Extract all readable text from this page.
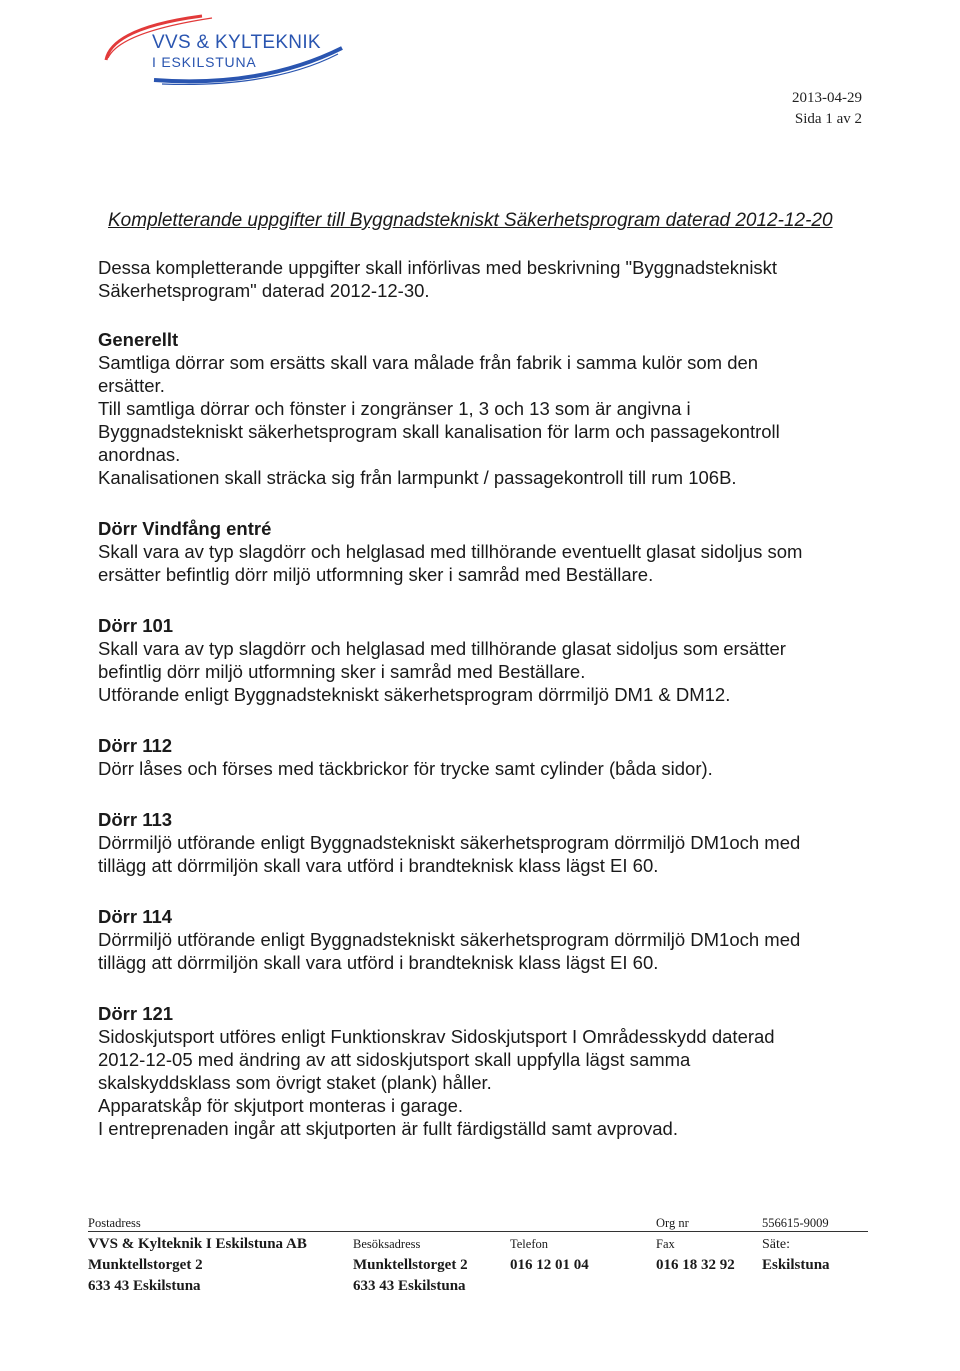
VVS & KYLTEKNIK
I ESKILSTUNA
2013-04-29
Sida 1 av 2
Kompletterande uppgifter till Byggnadstekniskt Säkerhetsprogram daterad 2012-12-20
Dessa kompletterande uppgifter skall införlivas med beskrivning "Byggnadstekniskt
Säkerhetsprogram" daterad 2012-12-30.
Generellt
Samtliga dörrar som ersätts skall vara målade från fabrik i samma kulör som den
ersätter.
Till samtliga dörrar och fönster i zongränser 1, 3 och 13 som är angivna i
Byggnadstekniskt säkerhetsprogram skall kanalisation för larm och passagekontroll
anordnas.
Kanalisationen skall sträcka sig från larmpunkt / passagekontroll till rum 106B.
Dörr Vindfång entré
Skall vara av typ slagdörr och helglasad med tillhörande eventuellt glasat sidoljus som
ersätter befintlig dörr miljö utformning sker i samråd med Beställare.
Dörr 101
Skall vara av typ slagdörr och helglasad med tillhörande glasat sidoljus som ersätter
befintlig dörr miljö utformning sker i samråd med Beställare.
Utförande enligt Byggnadstekniskt säkerhetsprogram dörrmiljö DM1 & DM12.
Dörr 112
Dörr låses och förses med täckbrickor för trycke samt cylinder (båda sidor).
Dörr 113
Dörrmiljö utförande enligt Byggnadstekniskt säkerhetsprogram dörrmiljö DM1och med
tillägg att dörrmiljön skall vara utförd i brandteknisk klass lägst EI 60.
Dörr 114
Dörrmiljö utförande enligt Byggnadstekniskt säkerhetsprogram dörrmiljö DM1och med
tillägg att dörrmiljön skall vara utförd i brandteknisk klass lägst EI 60.
Dörr 121
Sidoskjutsport utföres enligt Funktionskrav Sidoskjutsport I Områdesskydd daterad
2012-12-05 med ändring av att sidoskjutsport skall uppfylla lägst samma
skalskyddsklass som övrigt staket (plank) håller.
Apparatskåp för skjutport monteras i garage.
I entreprenaden ingår att skjutporten är fullt färdigställd samt avprovad.
Postadress
VVS & Kylteknik I Eskilstuna AB
Munktellstorget 2
633 43 Eskilstuna
Besöksadress
Munktellstorget 2
633 43 Eskilstuna
Telefon
016 12 01 04
Org nr
Fax
016 18 32 92
556615-9009
Säte:
Eskilstuna
